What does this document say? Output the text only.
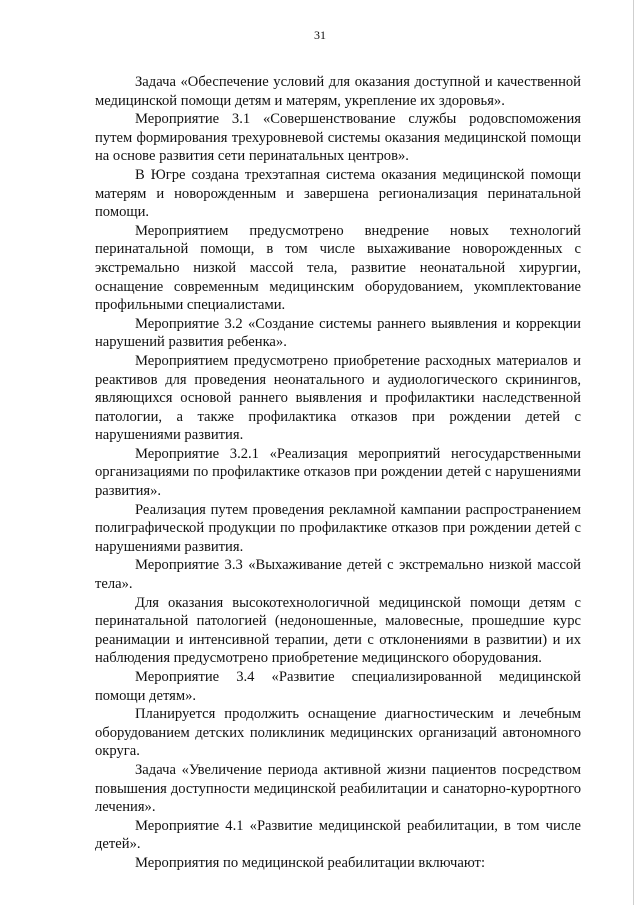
31

Задача «Обеспечение условий для оказания доступной и качественной медицинской помощи детям и матерям, укрепление их здоровья».

Мероприятие 3.1 «Совершенствование службы родовспоможения путем формирования трехуровневой системы оказания медицинской помощи на основе развития сети перинатальных центров».

В Югре создана трехэтапная система оказания медицинской помощи матерям и новорожденным и завершена регионализация перинатальной помощи.

Мероприятием предусмотрено внедрение новых технологий перинатальной помощи, в том числе выхаживание новорожденных с экстремально низкой массой тела, развитие неонатальной хирургии, оснащение современным медицинским оборудованием, укомплектование профильными специалистами.

Мероприятие 3.2 «Создание системы раннего выявления и коррекции нарушений развития ребенка».

Мероприятием предусмотрено приобретение расходных материалов и реактивов для проведения неонатального и аудиологического скринингов, являющихся основой раннего выявления и профилактики наследственной патологии, а также профилактика отказов при рождении детей с нарушениями развития.

Мероприятие 3.2.1 «Реализация мероприятий негосударственными организациями по профилактике отказов при рождении детей с нарушениями развития».

Реализация путем проведения рекламной кампании распространением полиграфической продукции по профилактике отказов при рождении детей с нарушениями развития.

Мероприятие 3.3 «Выхаживание детей с экстремально низкой массой тела».

Для оказания высокотехнологичной медицинской помощи детям с перинатальной патологией (недоношенные, маловесные, прошедшие курс реанимации и интенсивной терапии, дети с отклонениями в развитии) и их наблюдения предусмотрено приобретение медицинского оборудования.

Мероприятие 3.4 «Развитие специализированной медицинской помощи детям».

Планируется продолжить оснащение диагностическим и лечебным оборудованием детских поликлиник медицинских организаций автономного округа.

Задача «Увеличение периода активной жизни пациентов посредством повышения доступности медицинской реабилитации и санаторно-курортного лечения».

Мероприятие 4.1 «Развитие медицинской реабилитации, в том числе детей».

Мероприятия по медицинской реабилитации включают:
